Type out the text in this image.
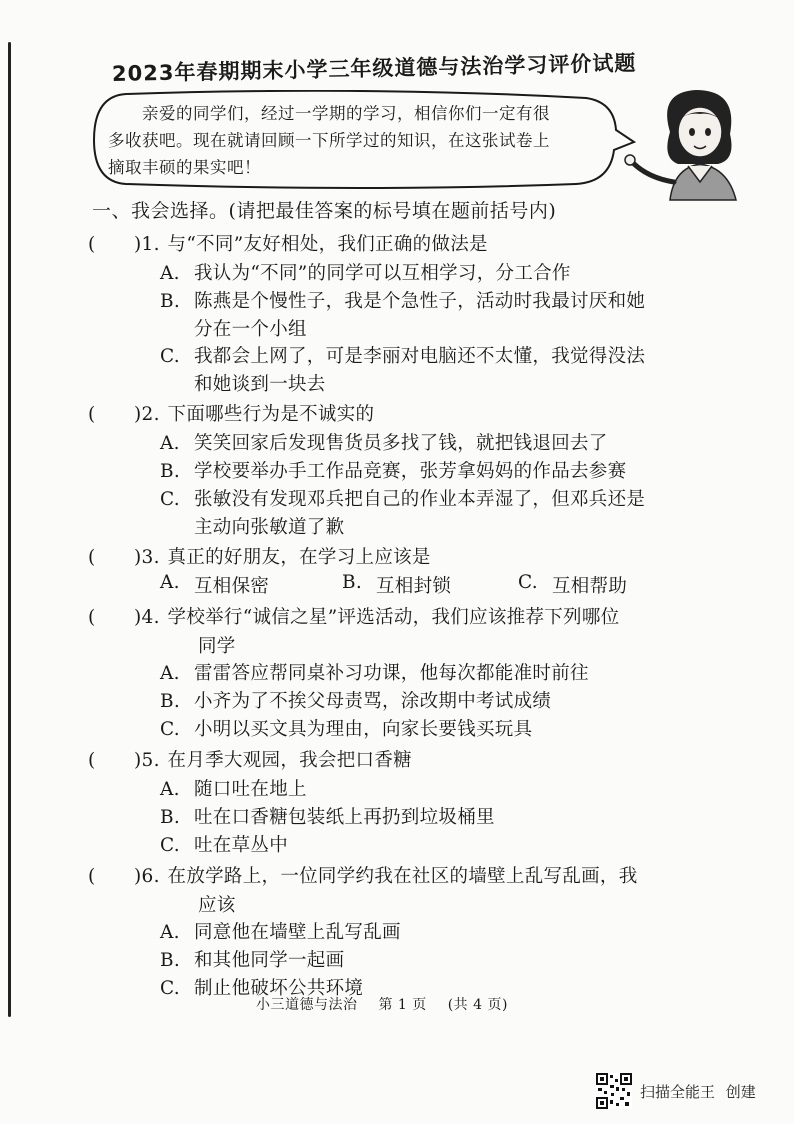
2023年春期期末小学三年级道德与法治学习评价试题
亲爱的同学们，经过一学期的学习，相信你们一定有很
多收获吧。现在就请回顾一下所学过的知识，在这张试卷上
摘取丰硕的果实吧！
一、我会选择。(请把最佳答案的标号填在题前括号内)
(	) 1. 与“不同”友好相处，我们正确的做法是
A. 我认为“不同”的同学可以互相学习，分工合作
B. 陈燕是个慢性子，我是个急性子，活动时我最讨厌和她
分在一个小组
C. 我都会上网了，可是李丽对电脑还不太懂，我觉得没法
和她谈到一块去
(	) 2. 下面哪些行为是不诚实的
A. 笑笑回家后发现售货员多找了钱，就把钱退回去了
B. 学校要举办手工作品竞赛，张芳拿妈妈的作品去参赛
C. 张敏没有发现邓兵把自己的作业本弄湿了，但邓兵还是
主动向张敏道了歉
(	) 3. 真正的好朋友，在学习上应该是
A. 互相保密	B. 互相封锁	C. 互相帮助
(	) 4. 学校举行“诚信之星”评选活动，我们应该推荐下列哪位
同学
A. 雷雷答应帮同桌补习功课，他每次都能准时前往
B. 小齐为了不挨父母责骂，涂改期中考试成绩
C. 小明以买文具为理由，向家长要钱买玩具
(	) 5. 在月季大观园，我会把口香糖
A. 随口吐在地上
B. 吐在口香糖包装纸上再扔到垃圾桶里
C. 吐在草丛中
(	) 6. 在放学路上，一位同学约我在社区的墙壁上乱写乱画，我
应该
A. 同意他在墙壁上乱写乱画
B. 和其他同学一起画
C. 制止他破坏公共环境
小三道德与法治 第 1 页 (共 4 页)
扫描全能王 创建
